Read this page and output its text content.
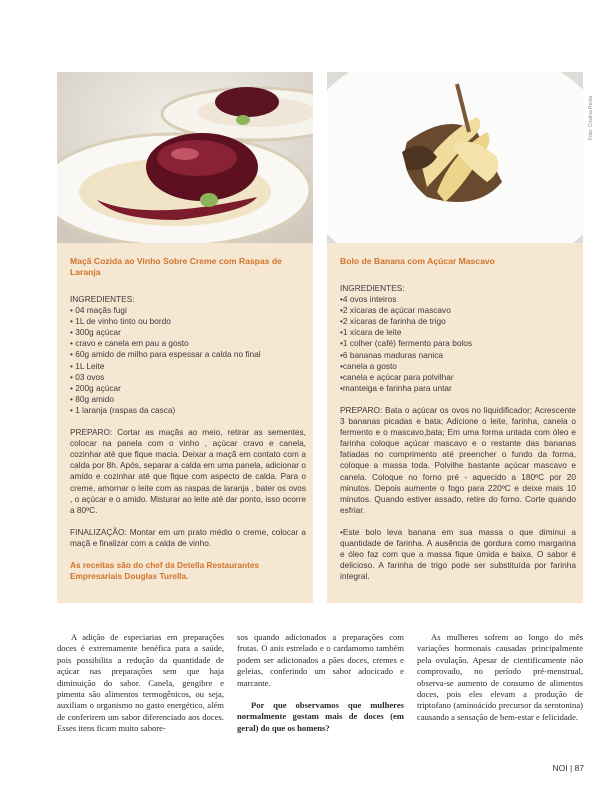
Foto: Cristina Reina
Maçã Cozida ao Vinho Sobre Creme com Raspas de Laranja
INGREDIENTES:
• 04 maçãs fugi
• 1L de vinho tinto ou bordo
• 300g açúcar
• cravo e canela em pau a gosto
• 60g amido de milho para espessar a calda no final
• 1L Leite
• 03 ovos
• 200g açúcar
• 80g amido
• 1 laranja (raspas da casca)

PREPARO: Cortar as maçãs ao meio, retirar as sementes, colocar na panela com o vinho , açúcar cravo e canela, cozinhar até que fique macia. Deixar a maçã em contato com a calda por 8h. Após, separar a calda em uma panela, adicionar o amido e cozinhar até que fique com aspecto de calda. Para o creme, amornar o leite com as raspas de laranja , bater os ovos , o açúcar e o amido. Misturar ao leite até dar ponto, isso ocorre a 80ºC.

FINALIZAÇÃO: Montar em um prato médio o creme, colocar a maçã e finalizar com a calda de vinho.

As receitas são do chef da Detella Restaurantes Empresariais Douglas Turella.
Bolo de Banana com Açúcar Mascavo
INGREDIENTES:
•4 ovos inteiros
•2 xícaras de açúcar mascavo
•2 xícaras de farinha de trigo
•1 xícara de leite
•1 colher (café) fermento para bolos
•6 bananas maduras nanica
•canela a gosto
•canela e açúcar para polvilhar
•manteiga e farinha para untar

PREPARO: Bata o açúcar os ovos no liquidificador; Acrescente 3 bananas picadas e bata; Adicione o leite, farinha, canela o fermento e o mascavo,bata; Em uma forma untada com óleo e farinha coloque açúcar mascavo e o restante das bananas fatiadas no comprimento até preencher o fundo da forma, coloque a massa toda. Polvilhe bastante açúcar mascavo e canela. Coloque no forno pré - aquecido a 180ºC por 20 minutos. Depois aumente o fogo para 220ºC e deixe mais 10 minutos. Quando estiver assado, retire do forno. Corte quando esfriar.

•Este bolo leva banana em sua massa o que diminui a quantidade de farinha. A ausência de gordura como margarina e óleo faz com que a massa fique úmida e baixa. O sabor é delicioso. A farinha de trigo pode ser substituída por farinha integral.

A adição de especiarias em preparações doces é extremamente benéfica para a saúde, pois possibilita a redução da quantidade de açúcar nas preparações sem que haja diminuição do sabor. Canela, gengibre e pimenta são alimentos termogênicos, ou seja, auxiliam o organismo no gasto energético, além de conferirem um sabor diferenciado aos doces. Esses itens ficam muito sabore-

sos quando adicionados a preparações com frutas. O anis estrelado e o cardamomo também podem ser adicionados a pães doces, cremes e geleias, conferindo um sabor adocicado e marcante.

Por que observamos que mulheres normalmente gostam mais de doces (em geral) do que os homens?

As mulheres sofrem ao longo do mês variações hormonais causadas principalmente pela ovulação. Apesar de cientificamente não comprovado, no período pré-menstrual, observa-se aumento de consumo de alimentos doces, pois eles elevam a produção de triptofano (aminoácido precursor da serotonina) causando a sensação de bem-estar e felicidade.

NOI | 87
